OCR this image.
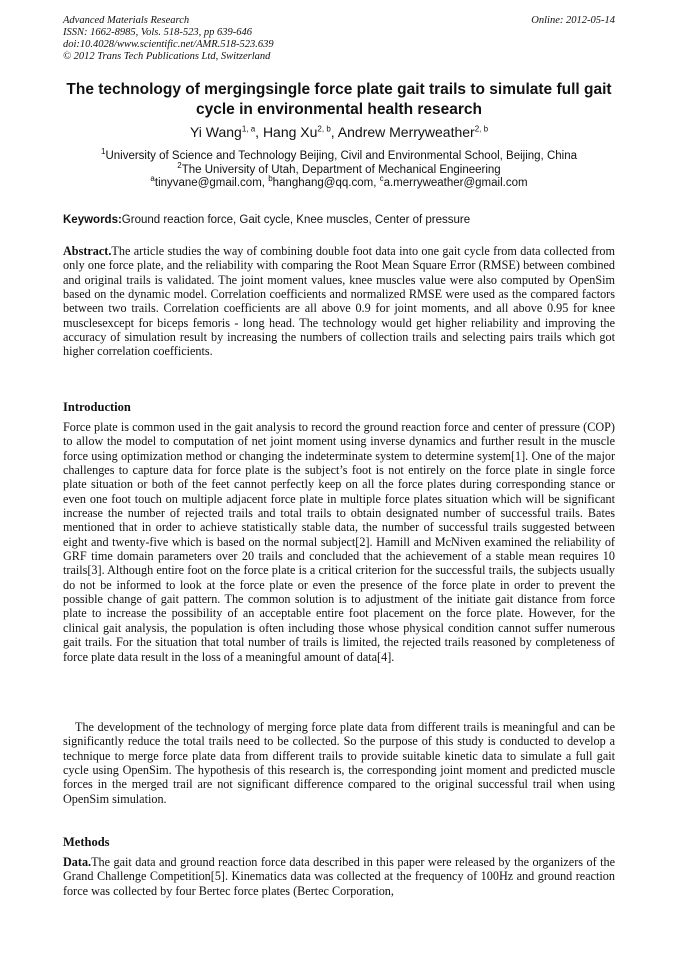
Advanced Materials Research
ISSN: 1662-8985, Vols. 518-523, pp 639-646
doi:10.4028/www.scientific.net/AMR.518-523.639
© 2012 Trans Tech Publications Ltd, Switzerland
Online: 2012-05-14
The technology of mergingsingle force plate gait trails to simulate full gait cycle in environmental health research
Yi Wang$^{1, a}$, Hang Xu$^{2, b}$, Andrew Merryweather$^{2, b}$
$^1$University of Science and Technology Beijing, Civil and Environmental School, Beijing, China
$^2$The University of Utah, Department of Mechanical Engineering
$^a$tinyvane@gmail.com, $^b$hanghang@qq.com, $^c$a.merryweather@gmail.com
Keywords:Ground reaction force, Gait cycle, Knee muscles, Center of pressure
Abstract.The article studies the way of combining double foot data into one gait cycle from data collected from only one force plate, and the reliability with comparing the Root Mean Square Error (RMSE) between combined and original trails is validated. The joint moment values, knee muscles value were also computed by OpenSim based on the dynamic model. Correlation coefficients and normalized RMSE were used as the compared factors between two trails. Correlation coefficients are all above 0.9 for joint moments, and all above 0.95 for knee musclesexcept for biceps femoris - long head. The technology would get higher reliability and improving the accuracy of simulation result by increasing the numbers of collection trails and selecting pairs trails which got higher correlation coefficients.
Introduction
Force plate is common used in the gait analysis to record the ground reaction force and center of pressure (COP) to allow the model to computation of net joint moment using inverse dynamics and further result in the muscle force using optimization method or changing the indeterminate system to determine system[1]. One of the major challenges to capture data for force plate is the subject’s foot is not entirely on the force plate in single force plate situation or both of the feet cannot perfectly keep on all the force plates during corresponding stance or even one foot touch on multiple adjacent force plate in multiple force plates situation which will be significant increase the number of rejected trails and total trails to obtain designated number of successful trails. Bates mentioned that in order to achieve statistically stable data, the number of successful trails suggested between eight and twenty-five which is based on the normal subject[2]. Hamill and McNiven examined the reliability of GRF time domain parameters over 20 trails and concluded that the achievement of a stable mean requires 10 trails[3]. Although entire foot on the force plate is a critical criterion for the successful trails, the subjects usually do not be informed to look at the force plate or even the presence of the force plate in order to prevent the possible change of gait pattern. The common solution is to adjustment of the initiate gait distance from force plate to increase the possibility of an acceptable entire foot placement on the force plate. However, for the clinical gait analysis, the population is often including those whose physical condition cannot suffer numerous gait trails. For the situation that total number of trails is limited, the rejected trails reasoned by completeness of force plate data result in the loss of a meaningful amount of data[4].
The development of the technology of merging force plate data from different trails is meaningful and can be significantly reduce the total trails need to be collected. So the purpose of this study is conducted to develop a technique to merge force plate data from different trails to provide suitable kinetic data to simulate a full gait cycle using OpenSim. The hypothesis of this research is, the corresponding joint moment and predicted muscle forces in the merged trail are not significant difference compared to the original successful trail when using OpenSim simulation.
Methods
Data.The gait data and ground reaction force data described in this paper were released by the organizers of the Grand Challenge Competition[5]. Kinematics data was collected at the frequency of 100Hz and ground reaction force was collected by four Bertec force plates (Bertec Corporation,
